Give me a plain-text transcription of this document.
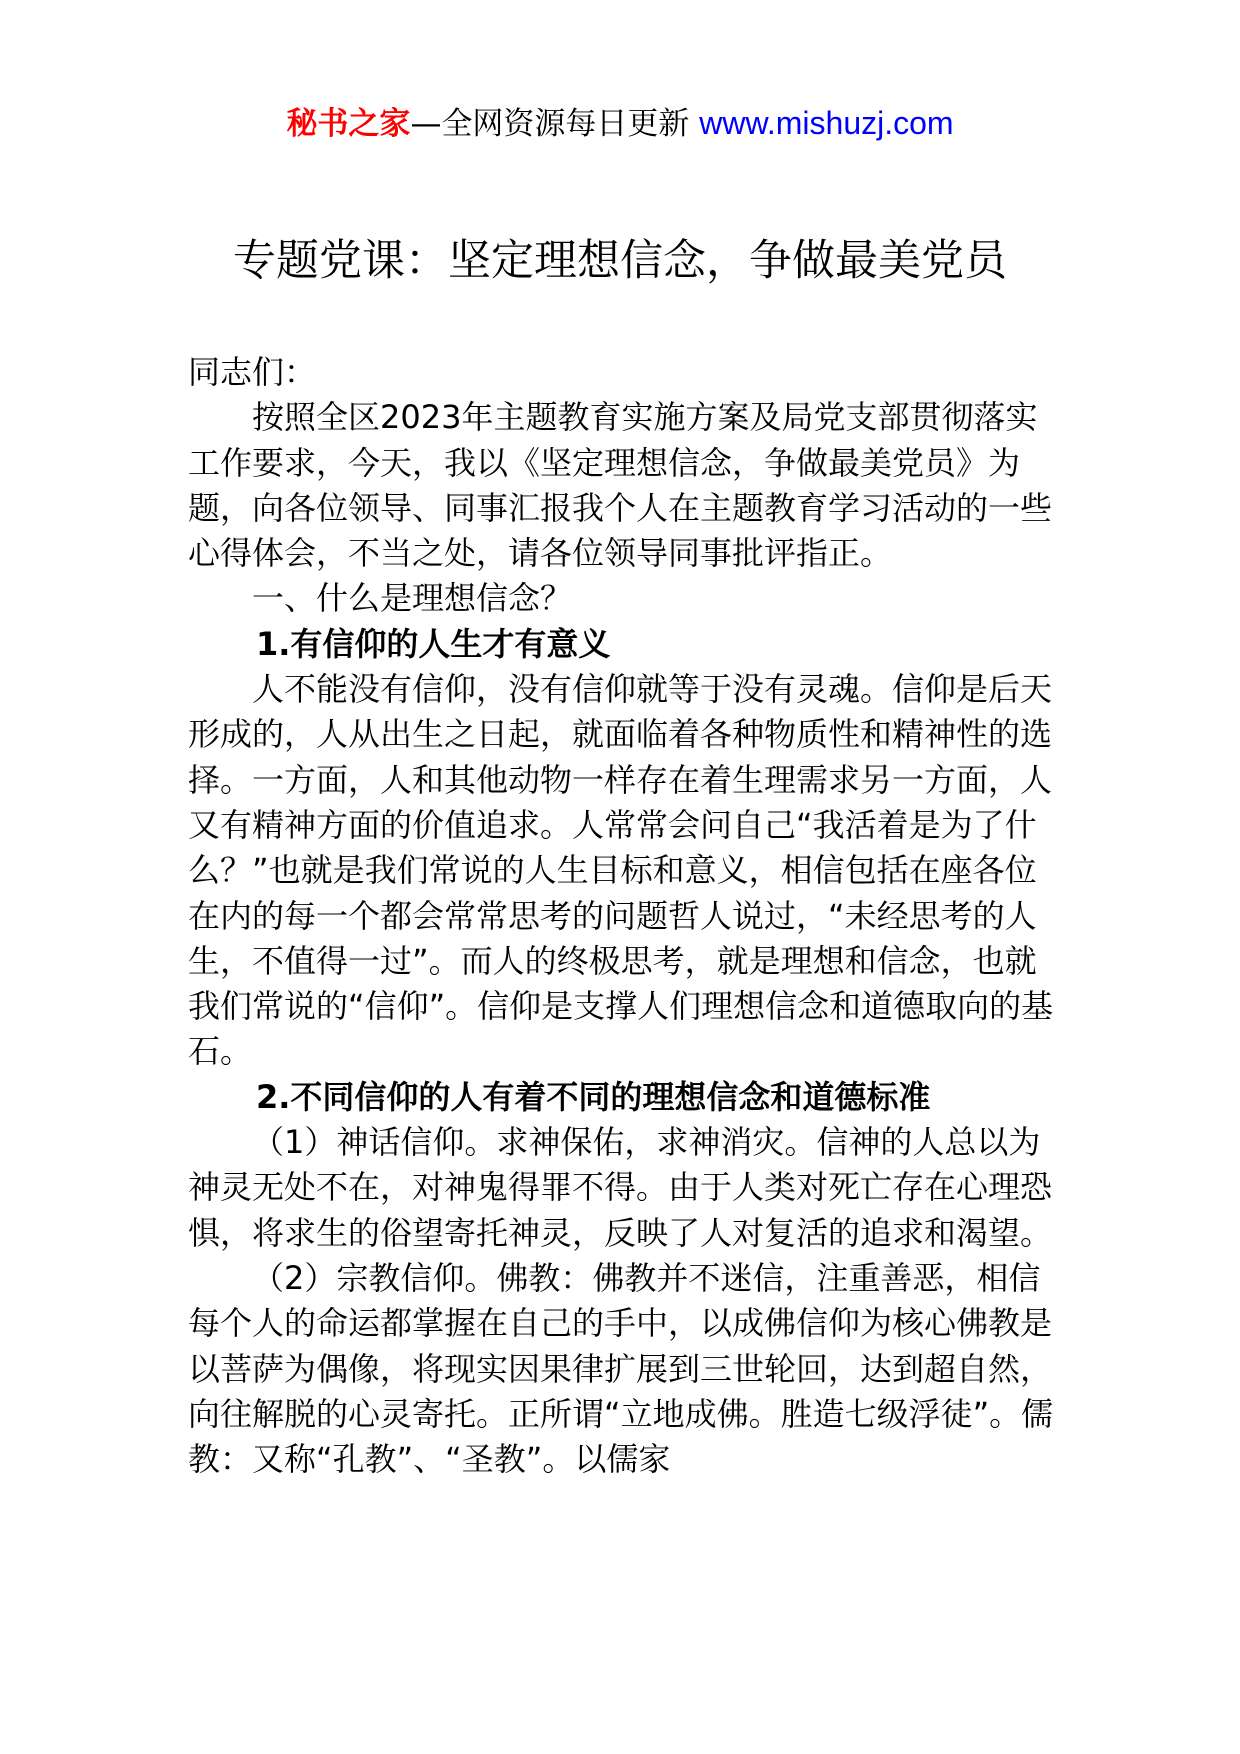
秘书之家—全网资源每日更新 www.mishuzj.com
专题党课：坚定理想信念，争做最美党员

同志们：

按照全区2023年主题教育实施方案及局党支部贯彻落实工作要求，今天，我以《坚定理想信念，争做最美党员》为题，向各位领导、同事汇报我个人在主题教育学习活动的一些心得体会，不当之处，请各位领导同事批评指正。

一、什么是理想信念？

1.有信仰的人生才有意义

人不能没有信仰，没有信仰就等于没有灵魂。信仰是后天形成的，人从出生之日起，就面临着各种物质性和精神性的选择。一方面，人和其他动物一样存在着生理需求另一方面，人又有精神方面的价值追求。人常常会问自己“我活着是为了什么？”也就是我们常说的人生目标和意义，相信包括在座各位在内的每一个都会常常思考的问题哲人说过，“未经思考的人生，不值得一过”。而人的终极思考，就是理想和信念，也就我们常说的“信仰”。信仰是支撑人们理想信念和道德取向的基石。

2.不同信仰的人有着不同的理想信念和道德标准

（1）神话信仰。求神保佑，求神消灾。信神的人总以为神灵无处不在，对神鬼得罪不得。由于人类对死亡存在心理恐惧，将求生的俗望寄托神灵，反映了人对复活的追求和渴望。

（2）宗教信仰。佛教：佛教并不迷信，注重善恶，相信每个人的命运都掌握在自己的手中，以成佛信仰为核心佛教是以菩萨为偶像，将现实因果律扩展到三世轮回，达到超自然，向往解脱的心灵寄托。正所谓“立地成佛。胜造七级浮徒”。儒教：又称“孔教”、“圣教”。以儒家
